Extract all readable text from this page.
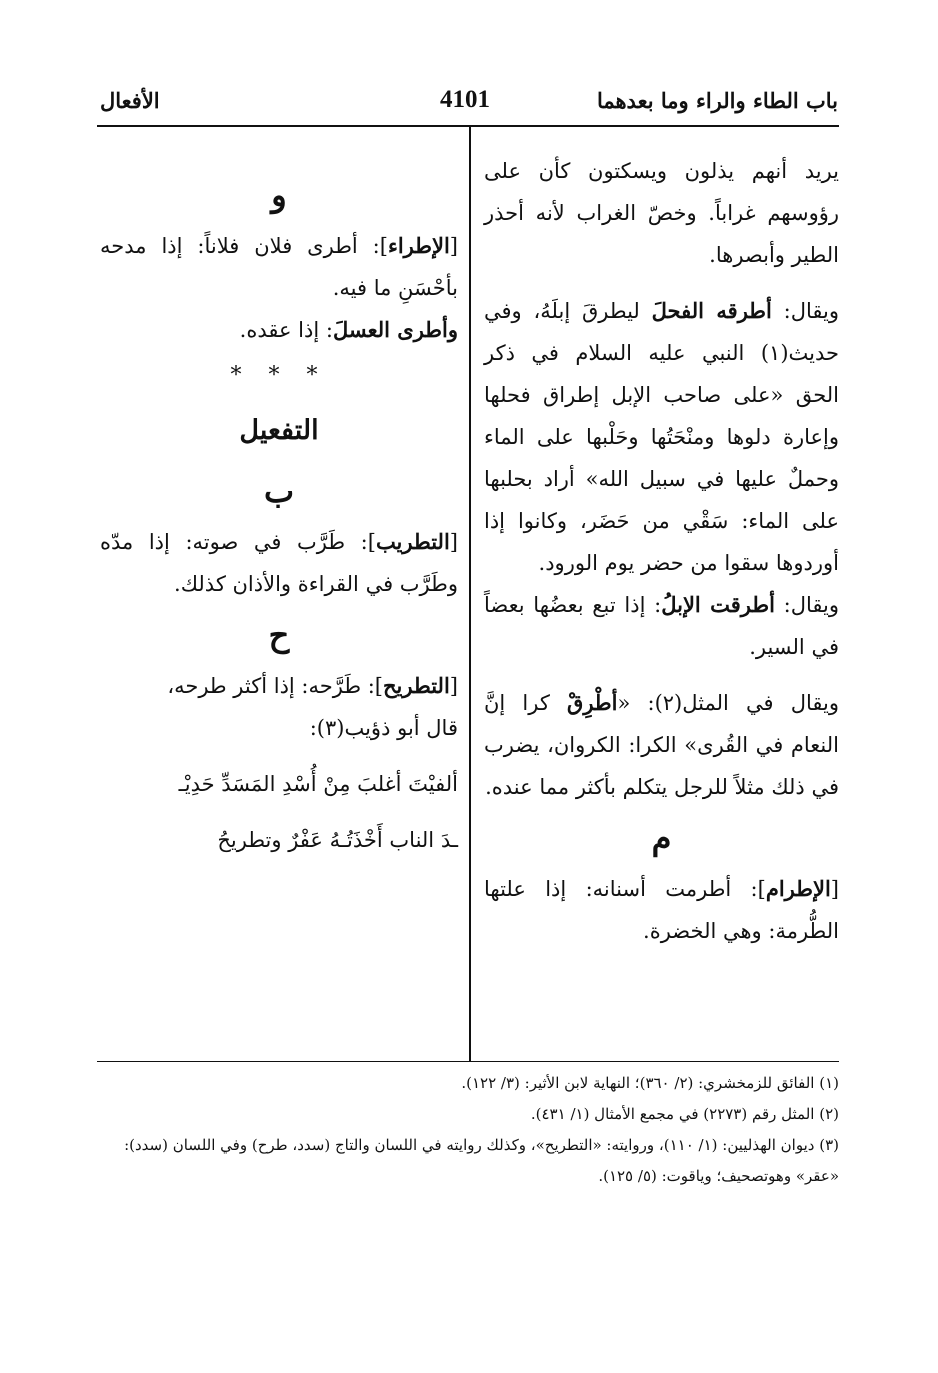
باب الطاء والراء وما بعدهما
4101
الأفعال

يريد أنهم يذلون ويسكتون كأن على رؤوسهم غراباً. وخصّ الغراب لأنه أحذر الطير وأبصرها.

ويقال: أطرقه الفحلَ ليطرقَ إبلَهُ، وفي حديث(١) النبي عليه السلام في ذكر الحق «على صاحب الإبل إطراق فحلها وإعارة دلوها ومنْحَتُها وحَلْبها على الماء وحملٌ عليها في سبيل الله» أراد بحلبها على الماء: سَقْي من حَضَر، وكانوا إذا أوردوها سقوا من حضر يوم الورود.

ويقال: أطرقت الإبلُ: إذا تبع بعضُها بعضاً في السير.

ويقال في المثل(٢): «أطْرِقْ كرا إنَّ النعام في القُرى» الكرا: الكروان، يضرب في ذلك مثلاً للرجل يتكلم بأكثر مما عنده.

م

[الإطرام]: أطرمت أسنانه: إذا علتها الطُّرمة: وهي الخضرة.

و

[الإطراء]: أطرى فلان فلاناً: إذا مدحه بأحْسَنِ ما فيه.

وأطرى العسلَ: إذا عقده.

* * *
التفعيل
ب

[التطريب]: طَرَّب في صوته: إذا مدّه وطَرَّب في القراءة والأذان كذلك.

ح

[التطريح]: طَرَّحه: إذا أكثر طرحه،

قال أبو ذؤيب(٣):

ألفيْتَ أغلبَ مِنْ أُسْدِ المَسَدِّ حَدِيْـ

ـدَ الناب أَخْذَتُـهُ عَفْرٌ وتطريحُ

(١) الفائق للزمخشري: (٢/ ٣٦٠)؛ النهاية لابن الأثير: (٣/ ١٢٢).

(٢) المثل رقم (٢٢٧٣) في مجمع الأمثال (١/ ٤٣١).

(٣) ديوان الهذليين: (١/ ١١٠)، وروايته: «التطريح»، وكذلك روايته في اللسان والتاج (سدد، طرح) وفي اللسان (سدد): «عقر» وهوتصحيف؛ وياقوت: (٥/ ١٢٥).
